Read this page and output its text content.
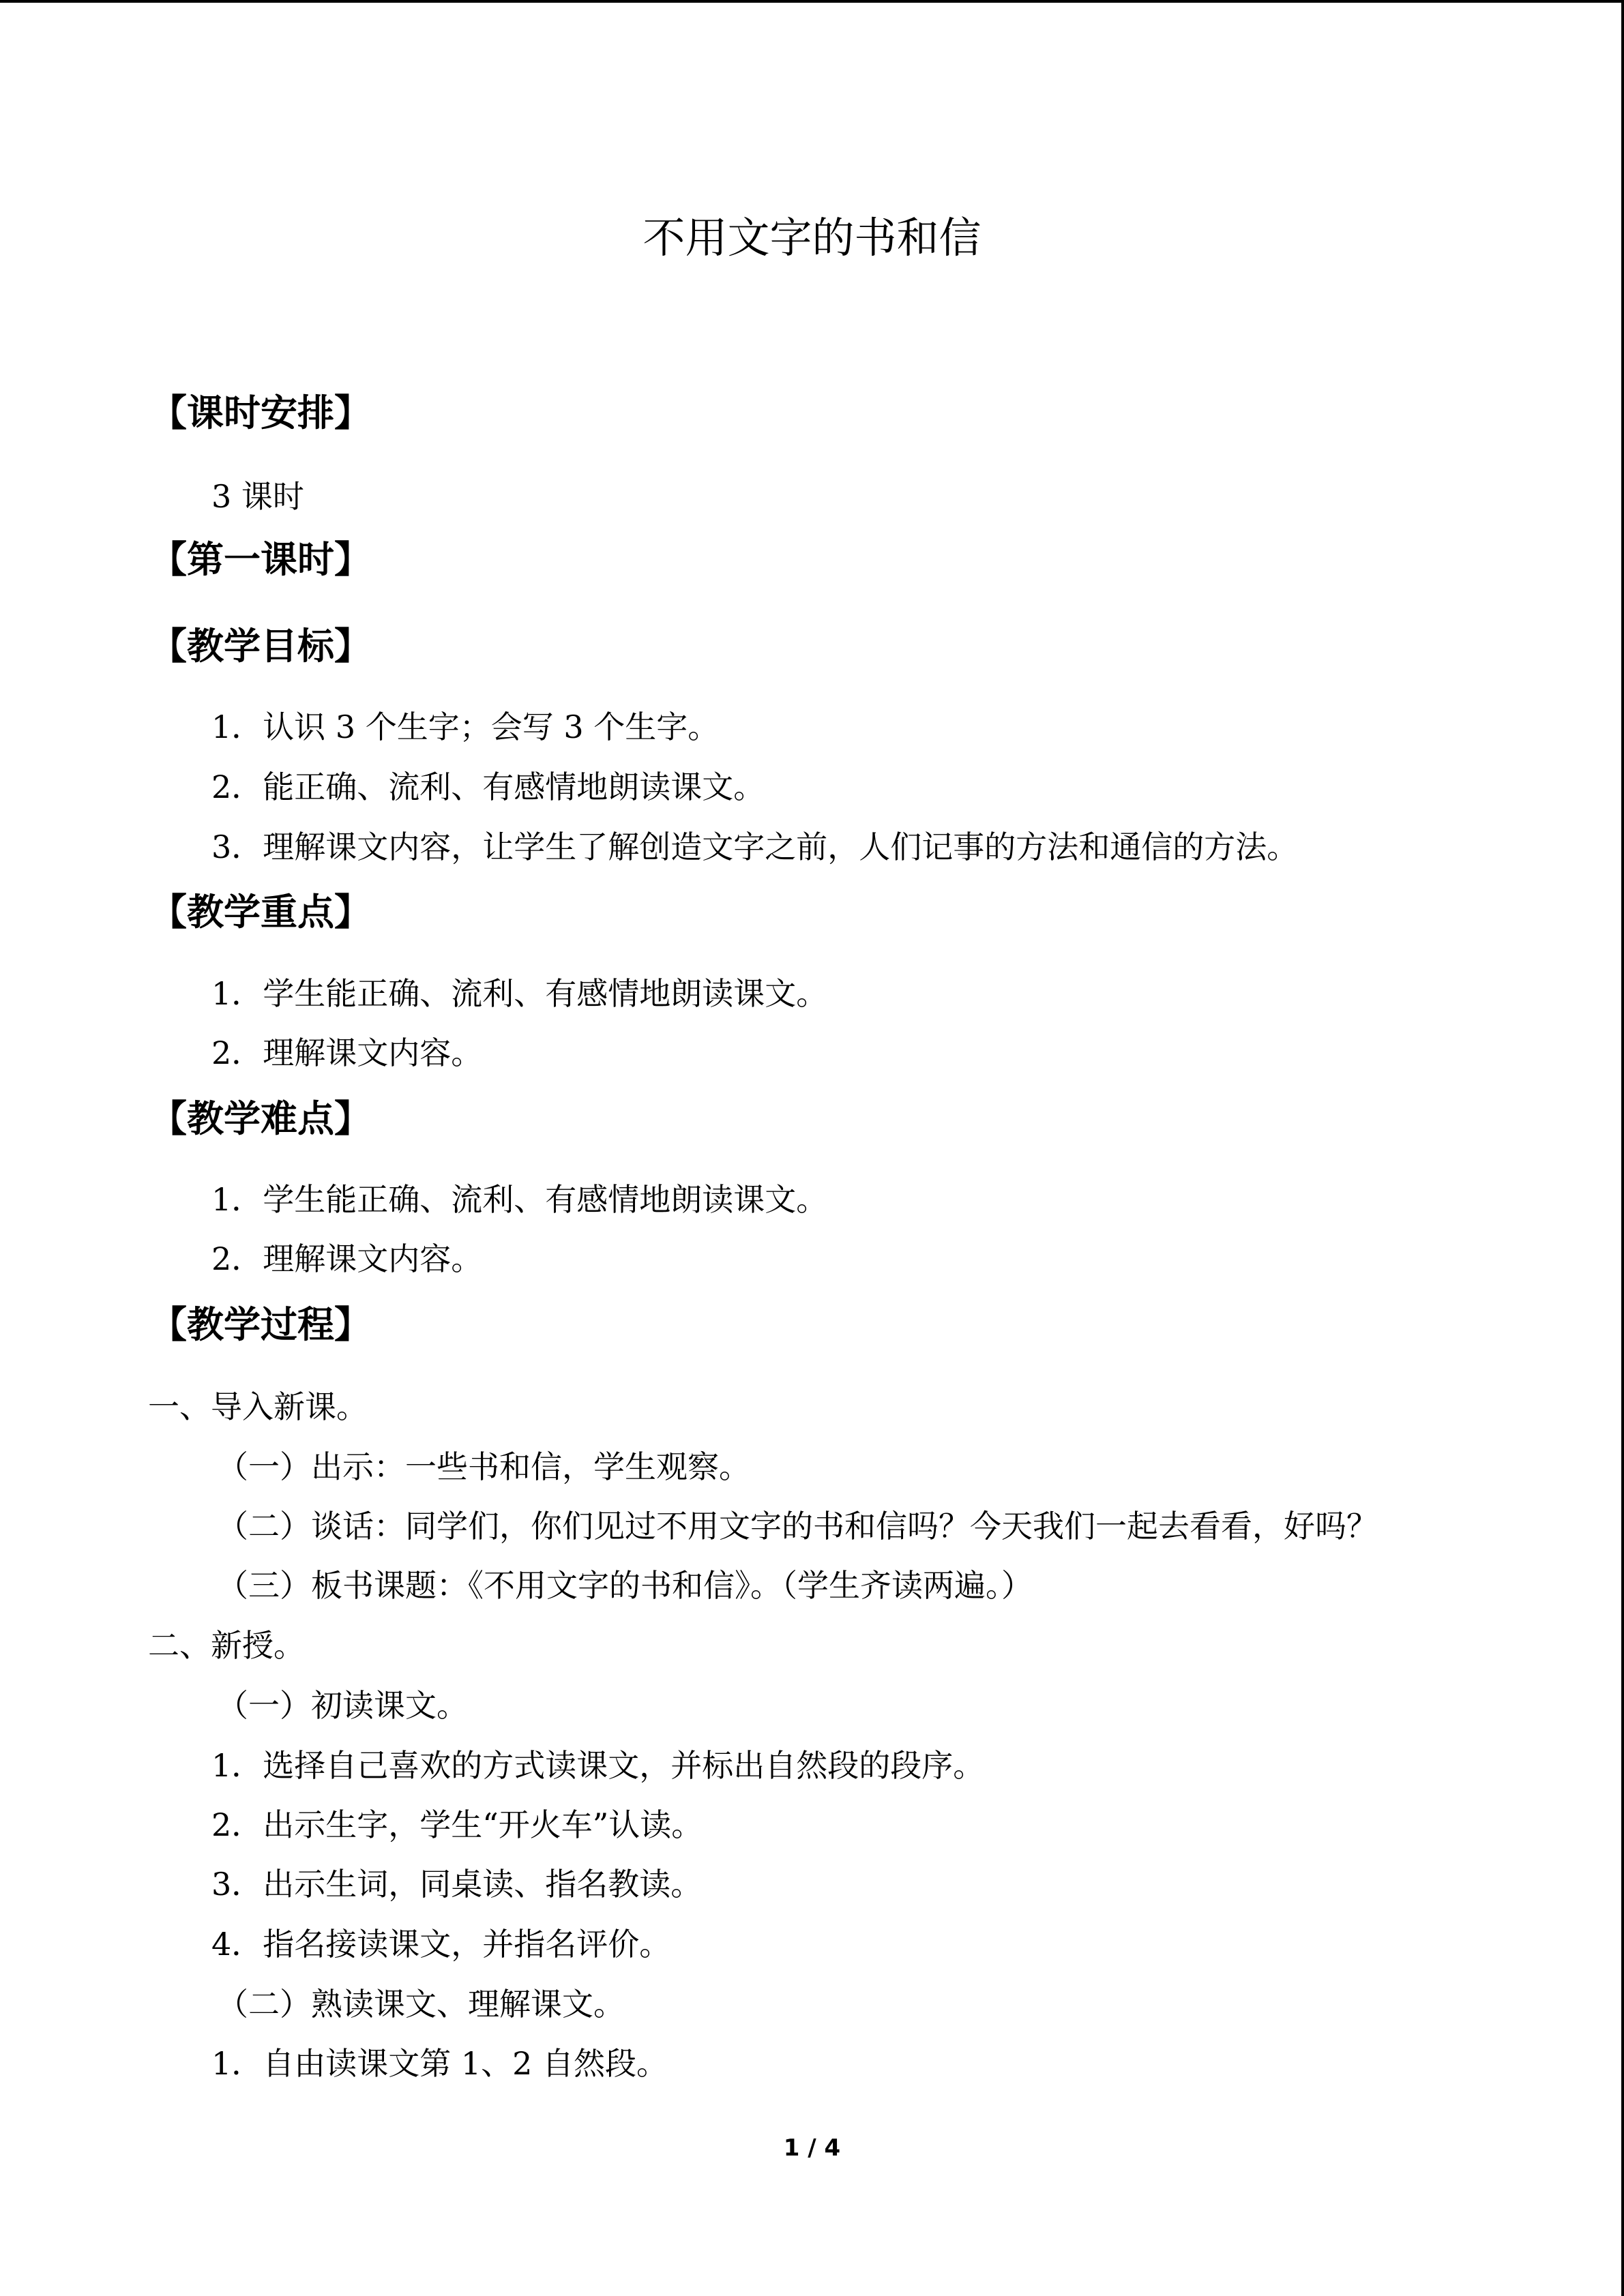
不用文字的书和信
【课时安排】
3 课时
【第一课时】
【教学目标】
1．认识 3 个生字；会写 3 个生字。
2．能正确、流利、有感情地朗读课文。
3．理解课文内容，让学生了解创造文字之前，人们记事的方法和通信的方法。
【教学重点】
1．学生能正确、流利、有感情地朗读课文。
2．理解课文内容。
【教学难点】
1．学生能正确、流利、有感情地朗读课文。
2．理解课文内容。
【教学过程】
一、导入新课。
（一）出示：一些书和信，学生观察。
（二）谈话：同学们，你们见过不用文字的书和信吗？今天我们一起去看看，好吗？
（三）板书课题：《不用文字的书和信》。（学生齐读两遍。）
二、新授。
（一）初读课文。
1．选择自己喜欢的方式读课文，并标出自然段的段序。
2．出示生字，学生“开火车”认读。
3．出示生词，同桌读、指名教读。
4．指名接读课文，并指名评价。
（二）熟读课文、理解课文。
1．自由读课文第 1、2 自然段。
1 / 4
